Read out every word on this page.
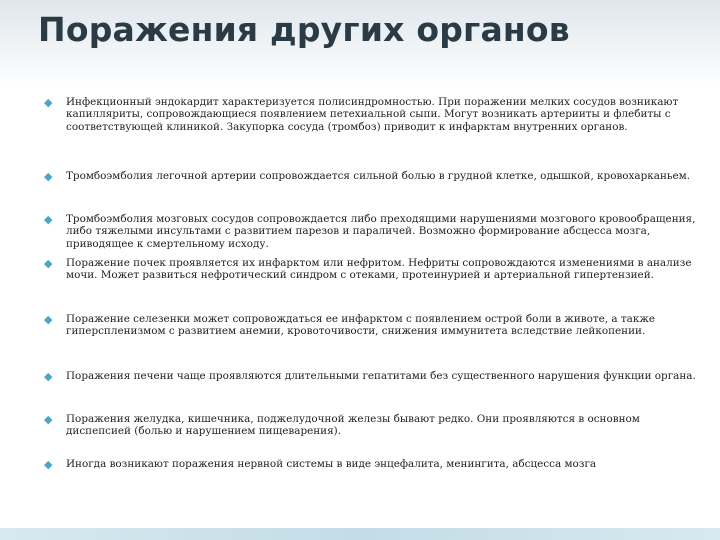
Поражения других органов
◆ Инфекционный эндокардит характеризуется полисиндромностью. При поражении мелких сосудов возникают капилляриты, сопровождающиеся появлением петехиальной сыпи. Могут возникать артерииты и флебиты с соответствующей клиникой. Закупорка сосуда (тромбоз) приводит к инфарктам внутренних органов.
◆ Тромбоэмболия легочной артерии сопровождается сильной болью в грудной клетке, одышкой, кровохарканьем.
◆ Тромбоэмболия мозговых сосудов сопровождается либо преходящими нарушениями мозгового кровообращения, либо тяжелыми инсультами с развитием парезов и параличей. Возможно формирование абсцесса мозга, приводящее к смертельному исходу.
◆ Поражение почек проявляется их инфарктом или нефритом. Нефриты сопровождаются изменениями в анализе мочи. Может развиться нефротический синдром с отеками, протеинурией и артериальной гипертензией.
◆ Поражение селезенки может сопровождаться ее инфарктом с появлением острой боли в животе, а также гиперспленизмом с развитием анемии, кровоточивости, снижения иммунитета вследствие лейкопении.
◆ Поражения печени чаще проявляются длительными гепатитами без существенного нарушения функции органа.
◆ Поражения желудка, кишечника, поджелудочной железы бывают редко. Они проявляются в основном диспепсией (болью и нарушением пищеварения).
◆ Иногда возникают поражения нервной системы в виде энцефалита, менингита, абсцесса мозга
